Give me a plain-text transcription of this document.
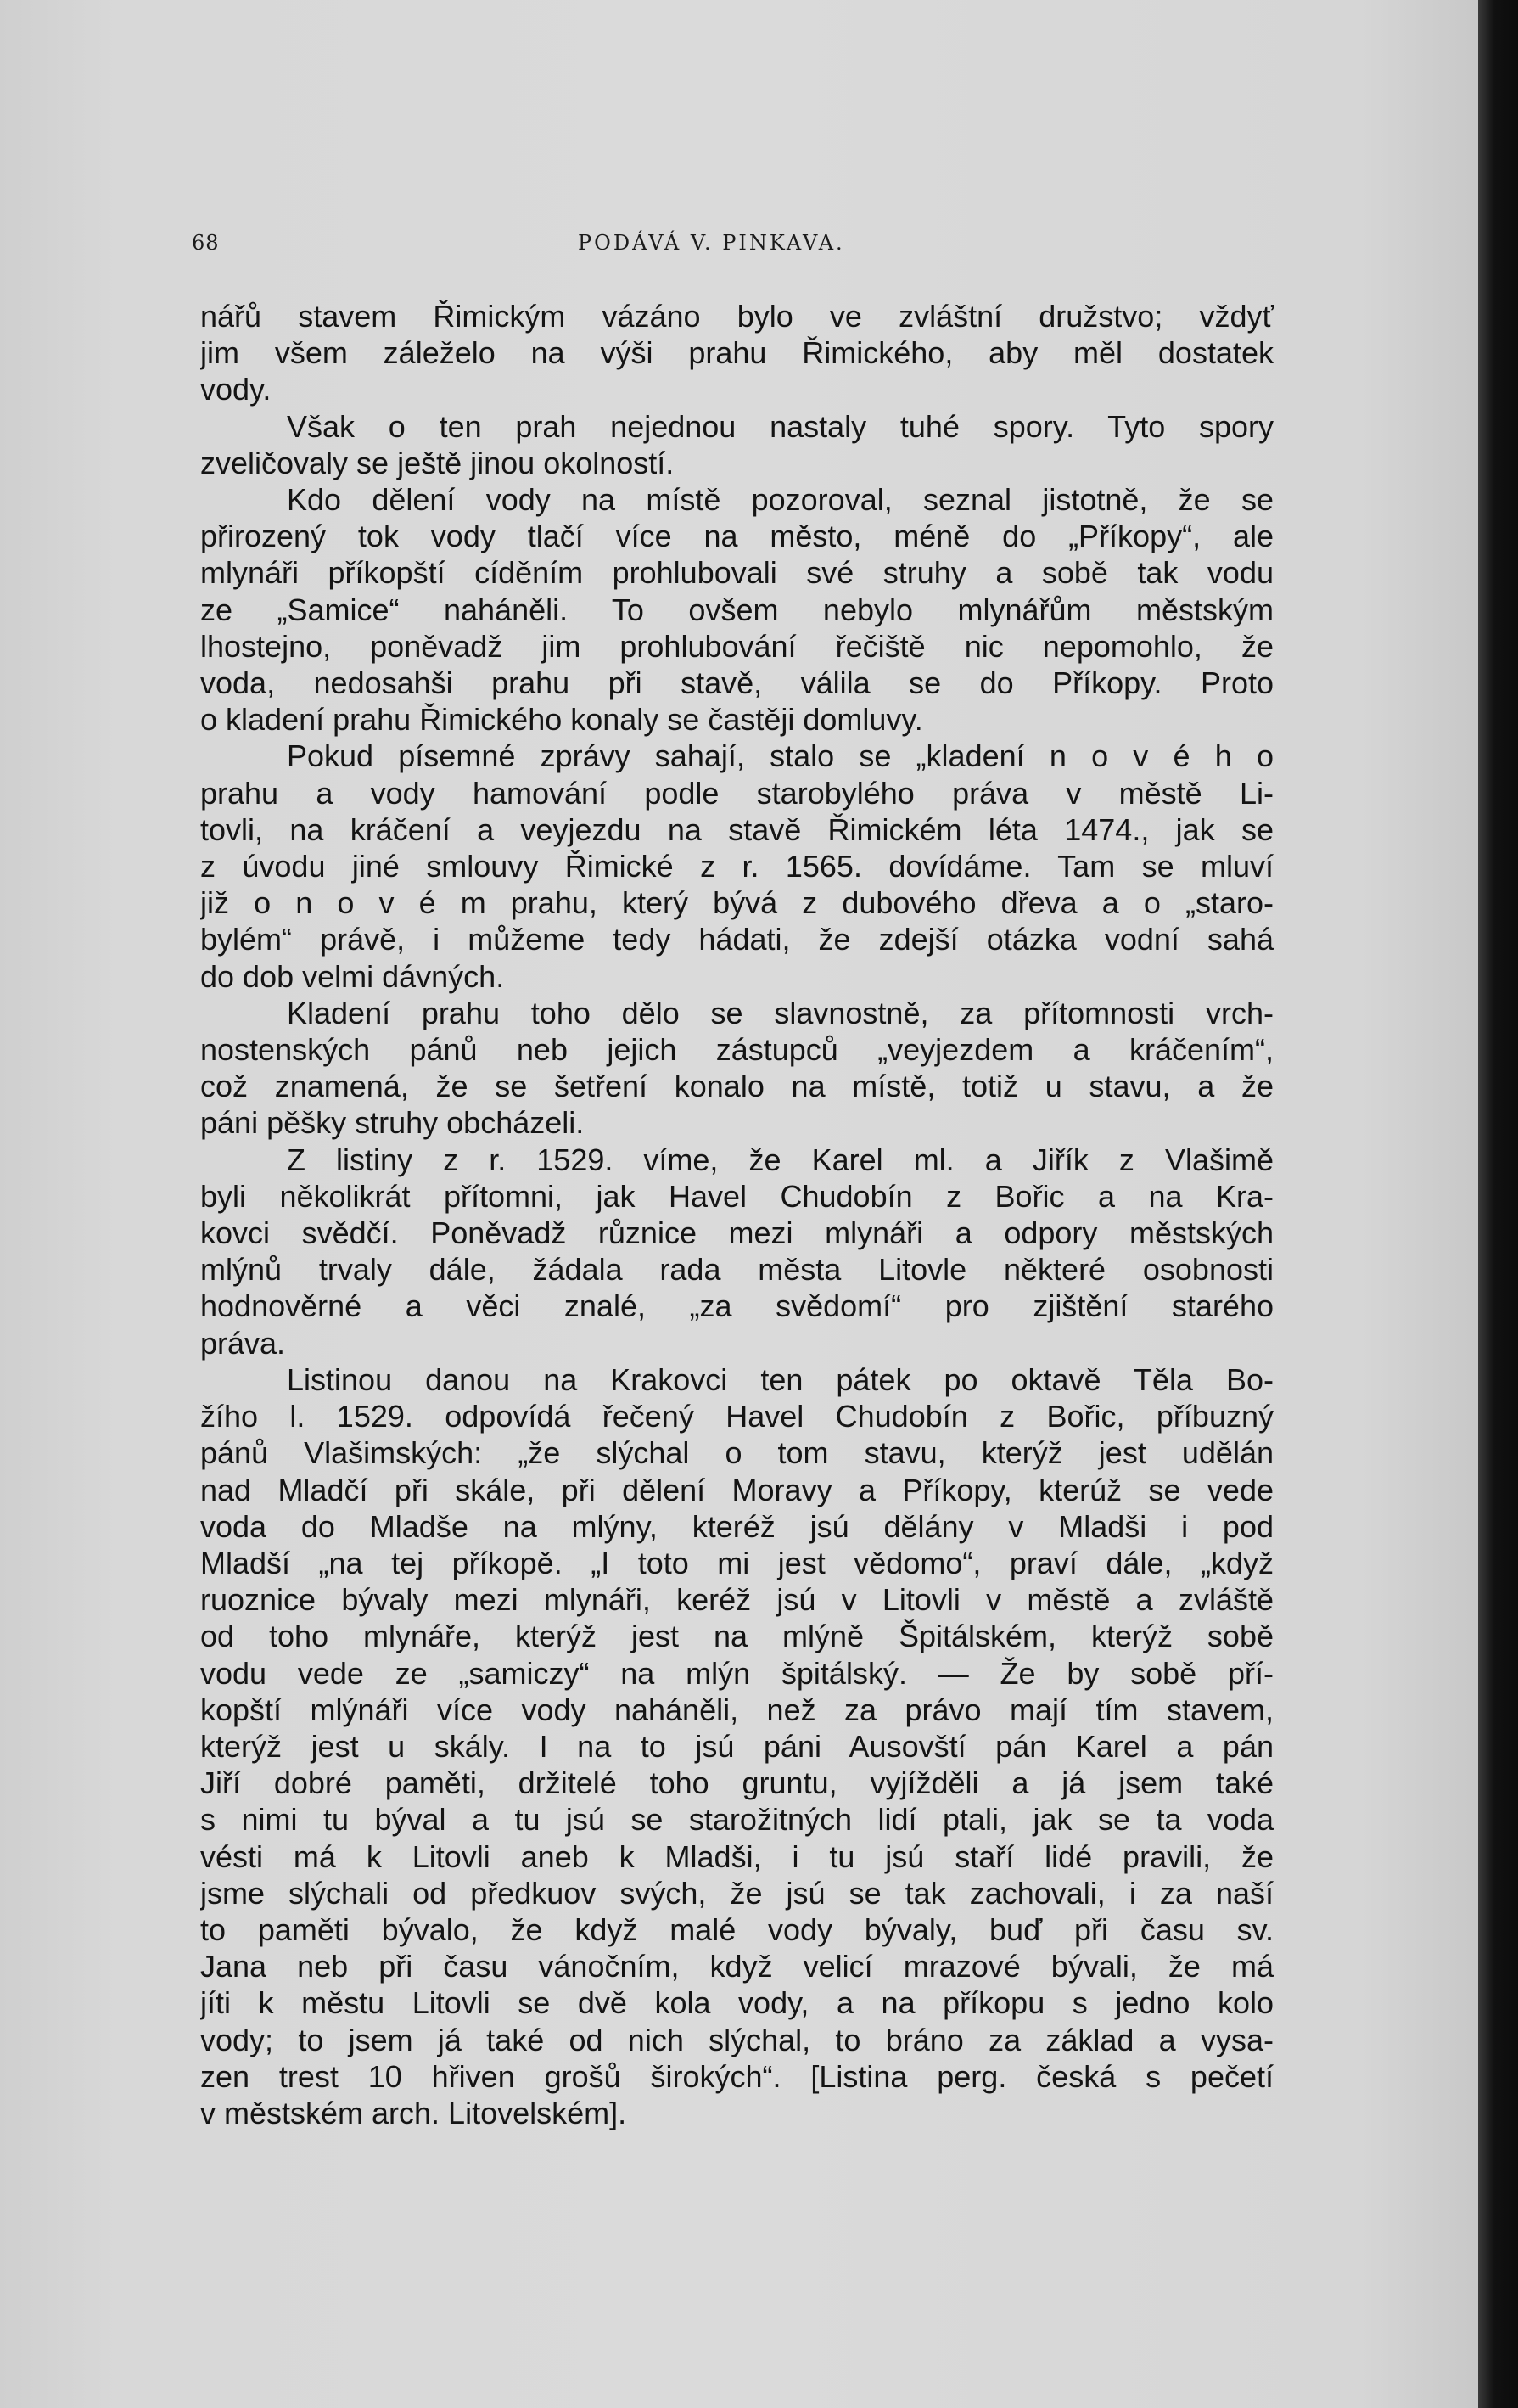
68	PODÁVÁ V. PINKAVA.
nářů stavem Řimickým vázáno bylo ve zvláštní družstvo; vždyť
jim všem záleželo na výši prahu Řimického, aby měl dostatek
vody.
Však o ten prah nejednou nastaly tuhé spory. Tyto spory
zveličovaly se ještě jinou okolností.
Kdo dělení vody na místě pozoroval, seznal jistotně, že se
přirozený tok vody tlačí více na město, méně do „Příkopy“, ale
mlynáři příkopští cíděním prohlubovali své struhy a sobě tak vodu
ze „Samice“ naháněli. To ovšem nebylo mlynářům městským
lhostejno, poněvadž jim prohlubování řečiště nic nepomohlo, že
voda, nedosahši prahu při stavě, válila se do Příkopy. Proto
o kladení prahu Řimického konaly se častěji domluvy.
Pokud písemné zprávy sahají, stalo se „kladení n o v é h o
prahu a vody hamování podle starobylého práva v městě Li-
tovli, na kráčení a veyjezdu na stavě Řimickém léta 1474., jak se
z úvodu jiné smlouvy Řimické z r. 1565. dovídáme. Tam se mluví
již o n o v é m prahu, který bývá z dubového dřeva a o „staro-
bylém“ právě, i můžeme tedy hádati, že zdejší otázka vodní sahá
do dob velmi dávných.
Kladení prahu toho dělo se slavnostně, za přítomnosti vrch-
nostenských pánů neb jejich zástupců „veyjezdem a kráčením“,
což znamená, že se šetření konalo na místě, totiž u stavu, a že
páni pěšky struhy obcházeli.
Z listiny z r. 1529. víme, že Karel ml. a Jiřík z Vlašimě
byli několikrát přítomni, jak Havel Chudobín z Bořic a na Kra-
kovci svědčí. Poněvadž různice mezi mlynáři a odpory městských
mlýnů trvaly dále, žádala rada města Litovle některé osobnosti
hodnověrné a věci znalé, „za svědomí“ pro zjištění starého
práva.
Listinou danou na Krakovci ten pátek po oktavě Těla Bo-
žího l. 1529. odpovídá řečený Havel Chudobín z Bořic, příbuzný
pánů Vlašimských: „že slýchal o tom stavu, kterýž jest udělán
nad Mladčí při skále, při dělení Moravy a Příkopy, kterúž se vede
voda do Mladše na mlýny, kteréž jsú dělány v Mladši i pod
Mladší „na tej příkopě. „I toto mi jest vědomo“, praví dále, „když
ruoznice bývaly mezi mlynáři, keréž jsú v Litovli v městě a zvláště
od toho mlynáře, kterýž jest na mlýně Špitálském, kterýž sobě
vodu vede ze „samiczy“ na mlýn špitálský. — Že by sobě pří-
kopští mlýnáři více vody naháněli, než za právo mají tím stavem,
kterýž jest u skály. I na to jsú páni Ausovští pán Karel a pán
Jiří dobré paměti, držitelé toho gruntu, vyjížděli a já jsem také
s nimi tu býval a tu jsú se starožitných lidí ptali, jak se ta voda
vésti má k Litovli aneb k Mladši, i tu jsú staří lidé pravili, že
jsme slýchali od předkuov svých, že jsú se tak zachovali, i za naší
to paměti bývalo, že když malé vody bývaly, buď při času sv.
Jana neb při času vánočním, když velicí mrazové bývali, že má
jíti k městu Litovli se dvě kola vody, a na příkopu s jedno kolo
vody; to jsem já také od nich slýchal, to bráno za základ a vysa-
zen trest 10 hřiven grošů širokých“. [Listina perg. česká s pečetí
v městském arch. Litovelském].
